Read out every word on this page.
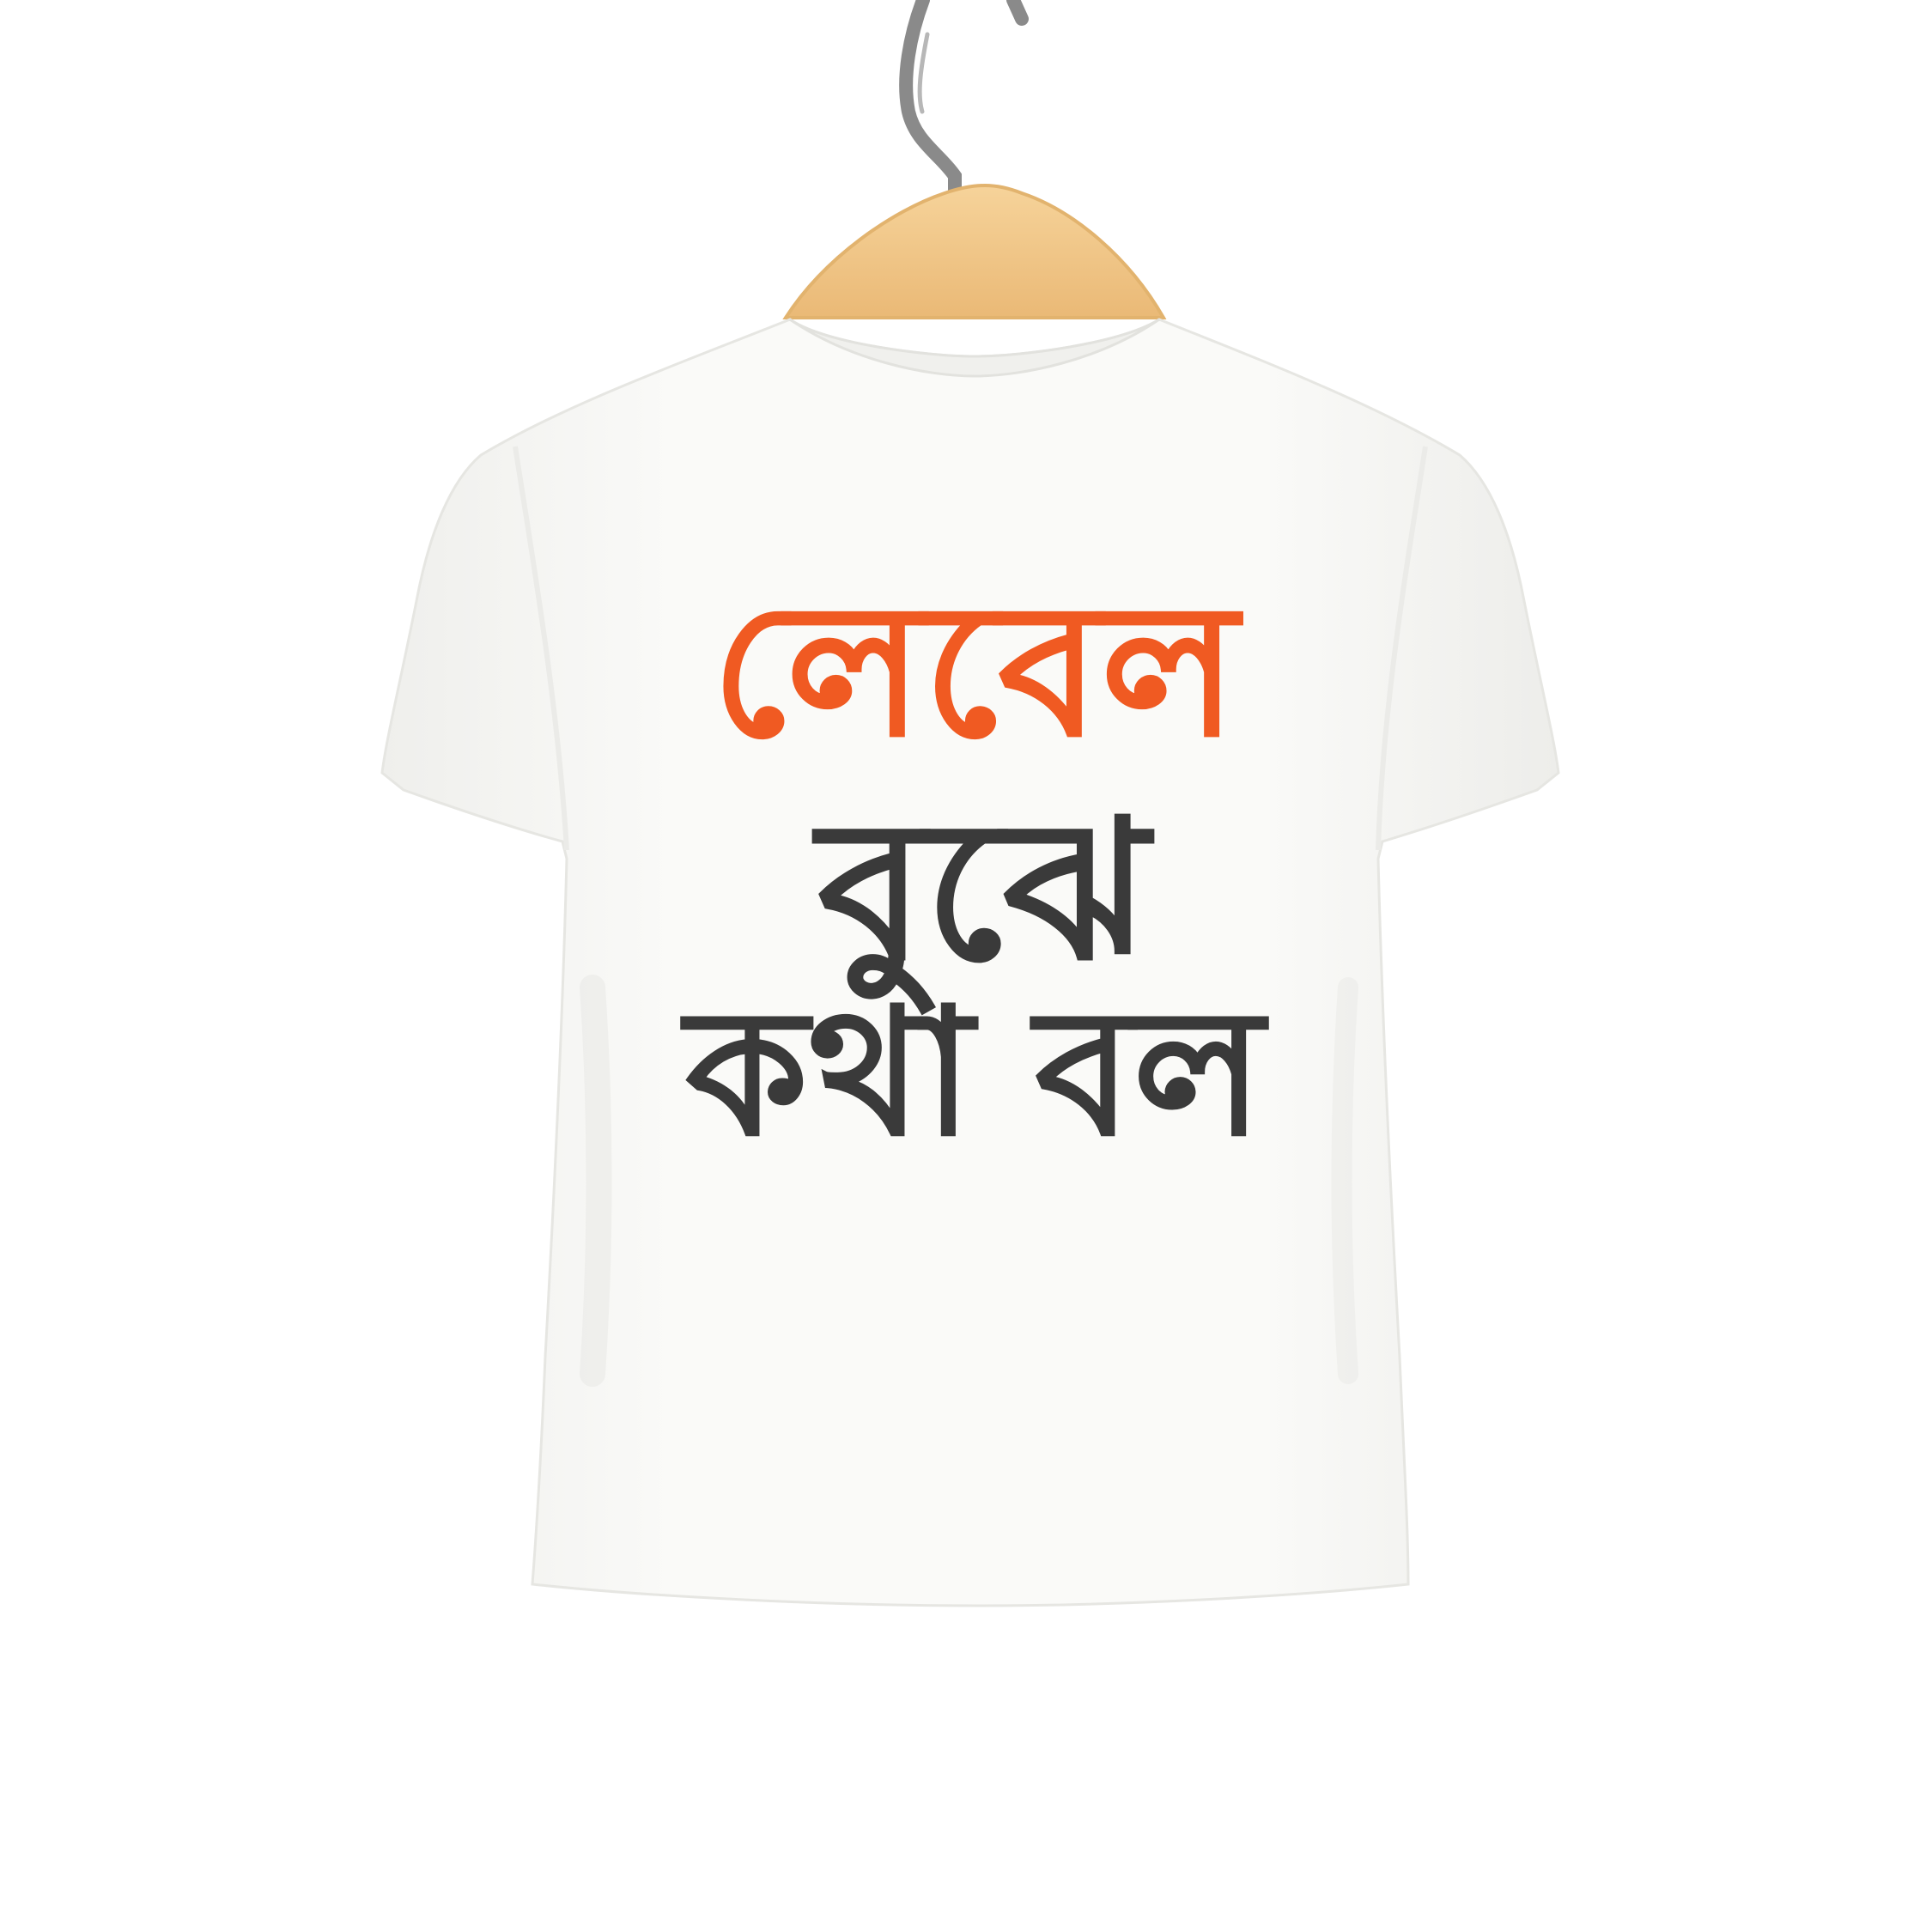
লেবেল
বুঝে
কথা বল
